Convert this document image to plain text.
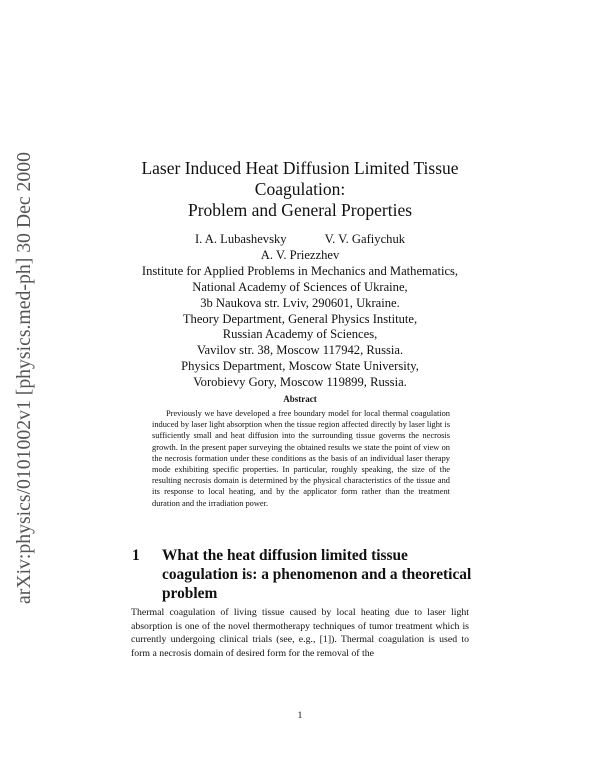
arXiv:physics/0101002v1 [physics.med-ph] 30 Dec 2000	Laser Induced Heat Diffusion Limited Tissue
Coagulation:
Problem and General Properties
I. A. Lubashevsky	V. V. Gafiychuk
A. V. Priezzhev
Institute for Applied Problems in Mechanics and Mathematics,
National Academy of Sciences of Ukraine,
3b Naukova str. Lviv, 290601, Ukraine.
Theory Department, General Physics Institute,
Russian Academy of Sciences,
Vavilov str. 38, Moscow 117942, Russia.
Physics Department, Moscow State University,
Vorobievy Gory, Moscow 119899, Russia.
Abstract

Previously we have developed a free boundary model for local thermal coagulation induced by laser light absorption when the tissue region affected directly by laser light is sufficiently small and heat diffusion into the surrounding tissue governs the necrosis growth. In the present paper surveying the obtained results we state the point of view on the necrosis formation under these conditions as the basis of an individual laser therapy mode exhibiting specific properties. In particular, roughly speaking, the size of the resulting necrosis domain is determined by the physical characteristics of the tissue and its response to local heating, and by the applicator form rather than the treatment duration and the irradiation power.

1 What the heat diffusion limited tissue coagulation is: a phenomenon and a theoretical problem

Thermal coagulation of living tissue caused by local heating due to laser light absorption is one of the novel thermotherapy techniques of tumor treatment which is currently undergoing clinical trials (see, e.g., [1]). Thermal coagulation is used to form a necrosis domain of desired form for the removal of the

1
